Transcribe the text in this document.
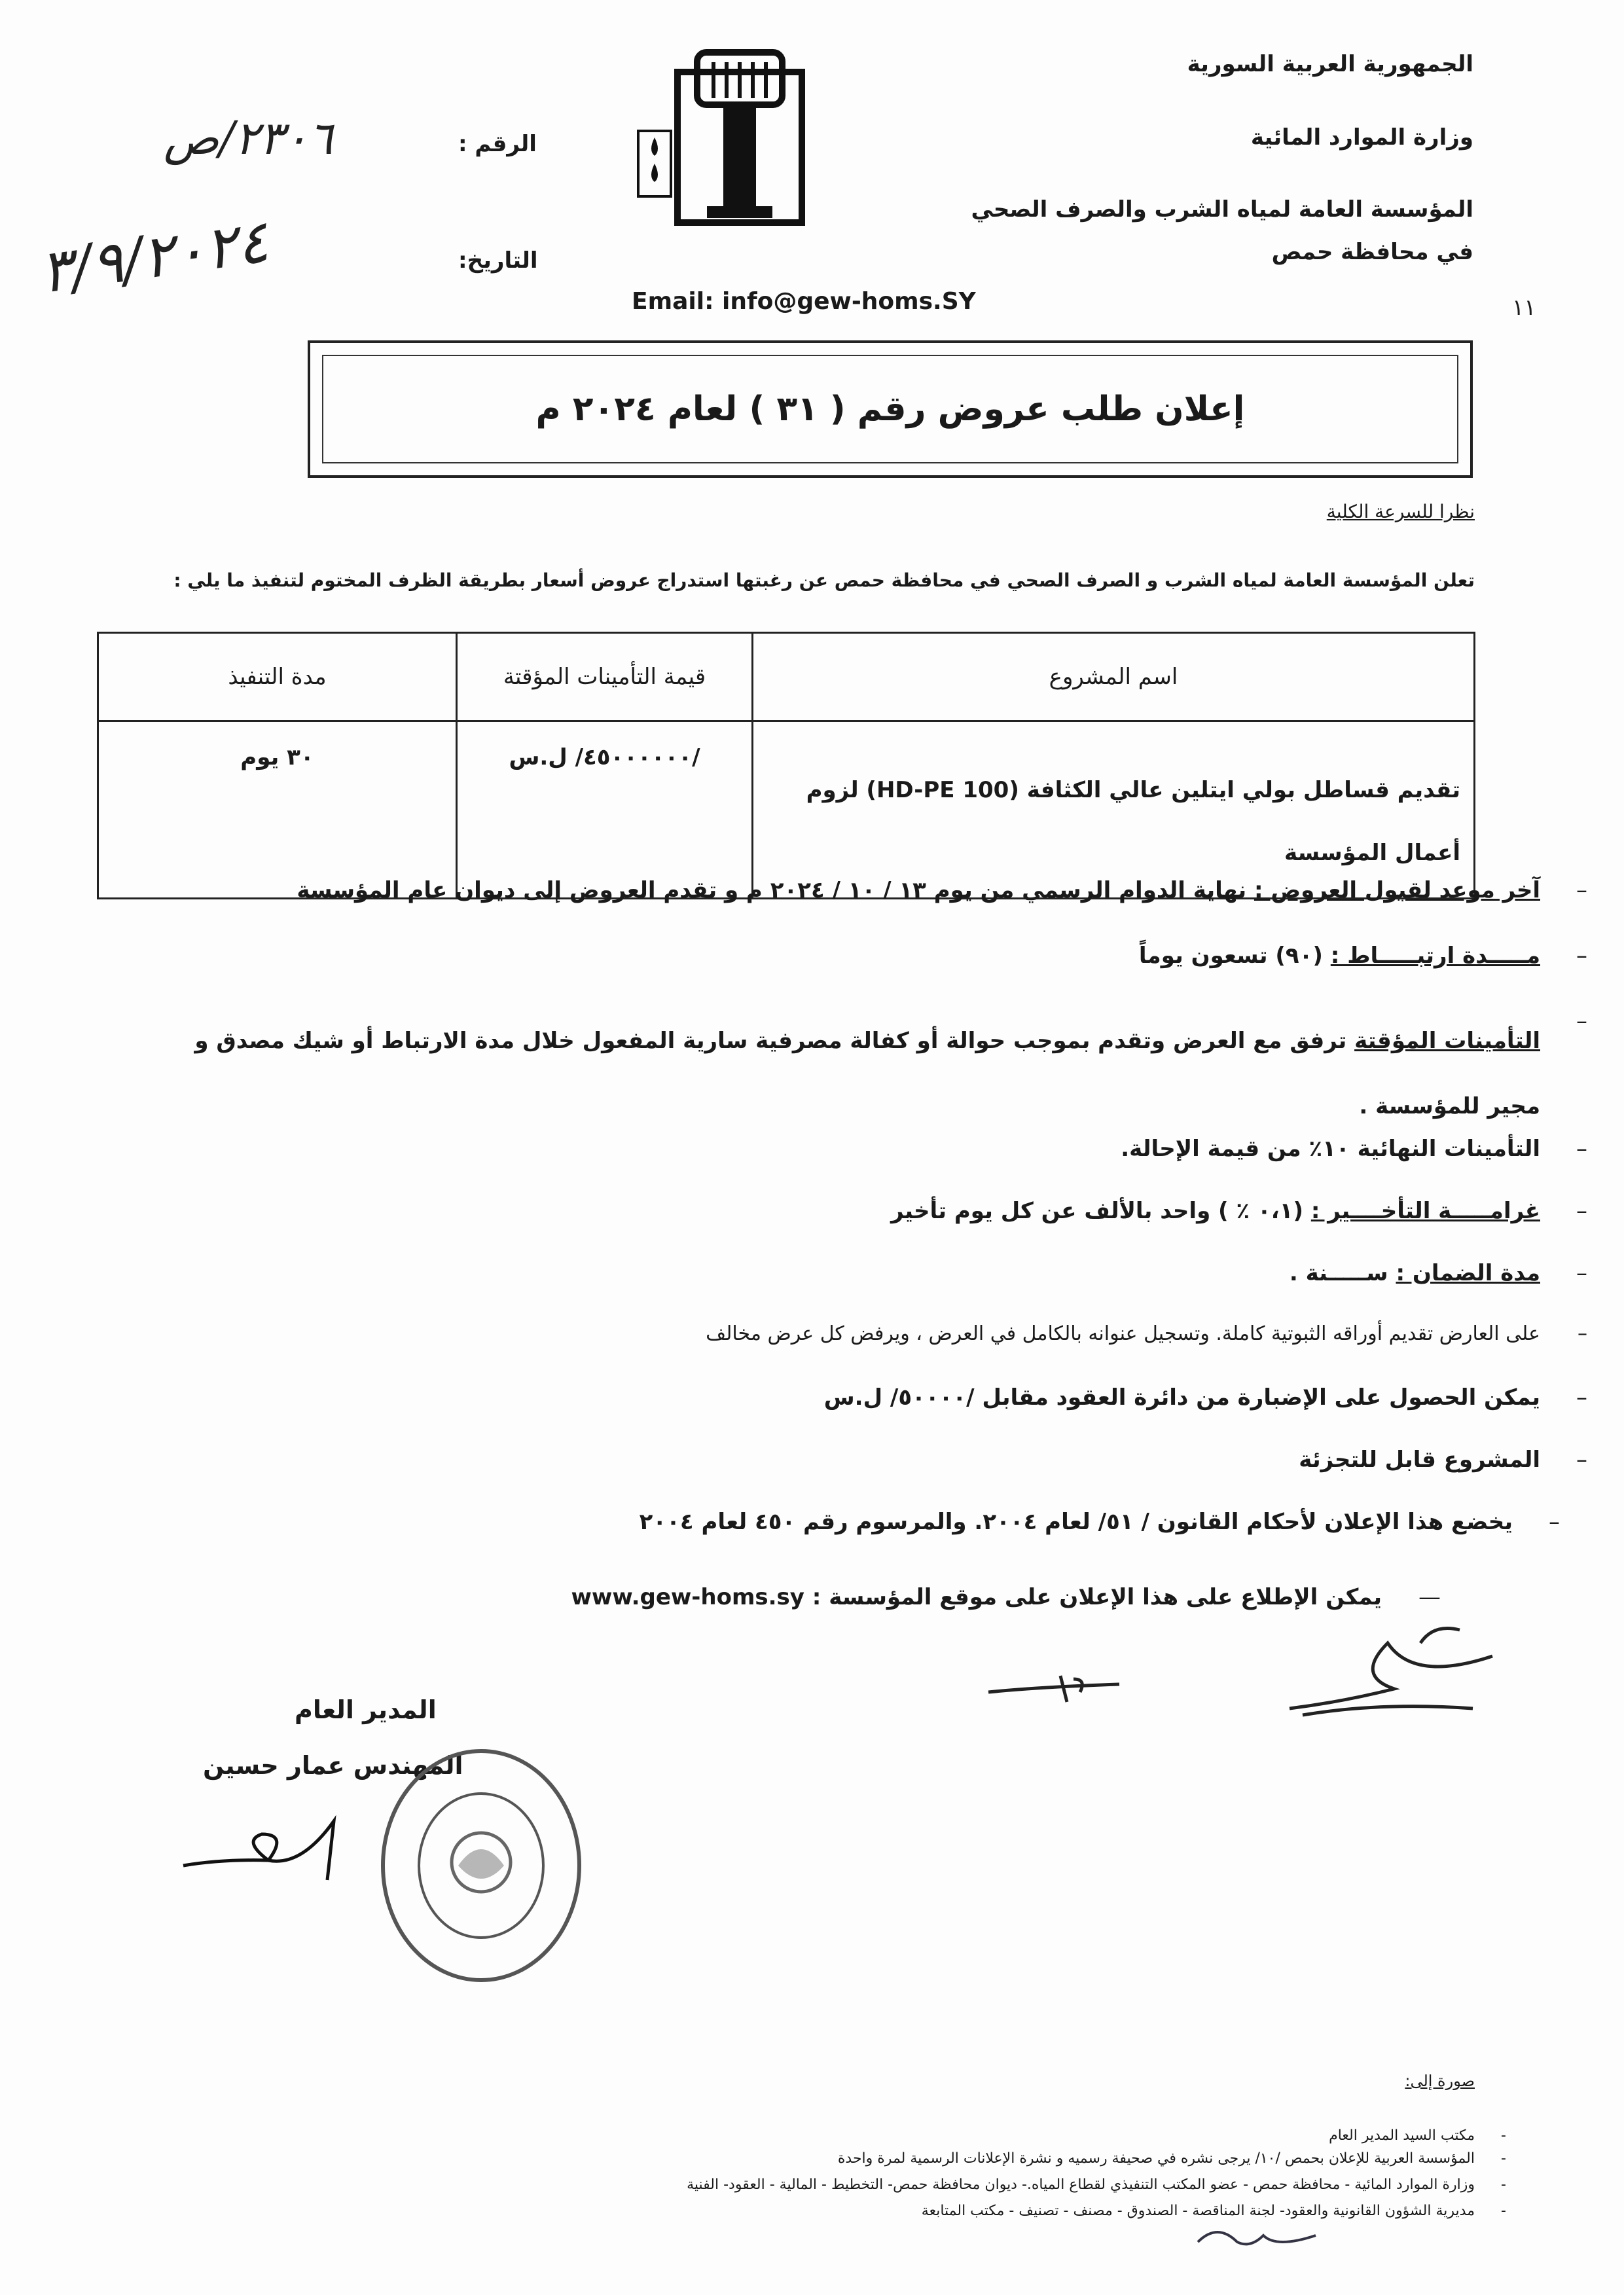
الجمهورية العربية السورية
وزارة الموارد المائية
المؤسسة العامة لمياه الشرب والصرف الصحي
في محافظة حمص
الرقم :
التاريخ:
٢٣٠٦/ص
٣/٩/٢٠٢٤	Email: info@gew-homs.SY	١١
إعلان طلب عروض رقم ( ٣١ ) لعام ٢٠٢٤ م
نظرا للسرعة الكلية
تعلن المؤسسة العامة لمياه الشرب و الصرف الصحي في محافظة حمص عن رغبتها استدراج عروض أسعار بطريقة الظرف المختوم لتنفيذ ما يلي :
اسم المشروع	قيمة التأمينات المؤقتة	مدة التنفيذ
تقديم قساطل بولي ايتلين عالي الكثافة (HD-PE 100) لزوم أعمال المؤسسة	/٤٥٠٠٠٠٠٠/ ل.س	٣٠ يوم
–
آخر موعد لقبول العروض : نهاية الدوام الرسمي من يوم ١٣ / ١٠ / ٢٠٢٤ م و تقدم العروض إلى ديوان عام المؤسسة
–
مـــــدة ارتبـــــاط : (٩٠) تسعون يوماً
–
التأمينات المؤقتة ترفق مع العرض وتقدم بموجب حوالة أو كفالة مصرفية سارية المفعول خلال مدة الارتباط أو شيك مصدق و مجير للمؤسسة .
–
التأمينات النهائية ١٠٪ من قيمة الإحالة.
–
غرامـــــة التأخــــير : (٠،١ ٪ ) واحد بالألف عن كل يوم تأخير
–
مدة الضمان : ســـــنة .
–
على العارض تقديم أوراقه الثبوتية كاملة. وتسجيل عنوانه بالكامل في العرض ، ويرفض كل عرض مخالف
–
يمكن الحصول على الإضبارة من دائرة العقود مقابل /٥٠٠٠٠/ ل.س
–
المشروع قابل للتجزئة
–
يخضع هذا الإعلان لأحكام القانون / ٥١/ لعام ٢٠٠٤. والمرسوم رقم ٤٥٠ لعام ٢٠٠٤
—
يمكن الإطلاع على هذا الإعلان على موقع المؤسسة : www.gew-homs.sy
المدير العام
المهندس عمار حسين
صورة إلى:
-
مكتب السيد المدير العام
-
المؤسسة العربية للإعلان بحمص /١٠/ يرجى نشره في صحيفة رسميه و نشرة الإعلانات الرسمية لمرة واحدة
-
وزارة الموارد المائية - محافظة حمص - عضو المكتب التنفيذي لقطاع المياه.- ديوان محافظة حمص- التخطيط - المالية - العقود- الفنية
-
مديرية الشؤون القانونية والعقود- لجنة المناقصة - الصندوق - مصنف - تصنيف - مكتب المتابعة
